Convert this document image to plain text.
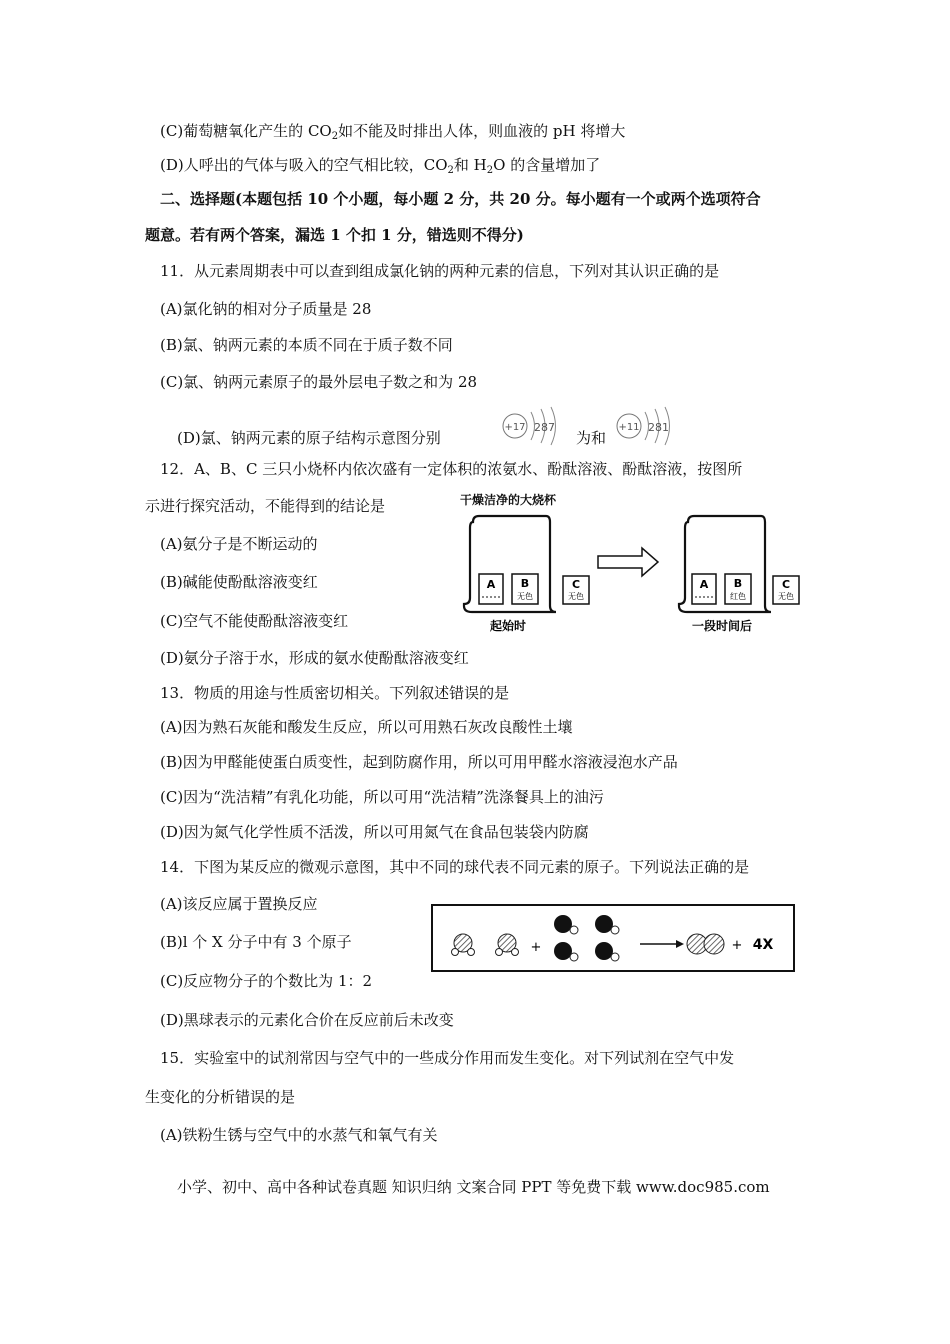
(C)葡萄糖氧化产生的 $CO_2$如不能及时排出人体，则血液的 pH 将增大
(D)人呼出的气体与吸入的空气相比较，$CO_2$和 $H_2O$ 的含量增加了
二、选择题(本题包括 10 个小题，每小题 2 分，共 20 分。每小题有一个或两个选项符合
题意。若有两个答案，漏选 1 个扣 1 分，错选则不得分)
11．从元素周期表中可以查到组成氯化钠的两种元素的信息，下列对其认识正确的是
(A)氯化钠的相对分子质量是 28
(B)氯、钠两元素的本质不同在于质子数不同
(C)氯、钠两元素原子的最外层电子数之和为 28
(D)氯、钠两元素的原子结构示意图分别	为和
+17 287	+11 281
12．A、B、C 三只小烧杯内依次盛有一定体积的浓氨水、酚酞溶液、酚酞溶液，按图所
示进行探究活动，不能得到的结论是
(A)氨分子是不断运动的
(B)碱能使酚酞溶液变红
(C)空气不能使酚酞溶液变红
(D)氨分子溶于水，形成的氨水使酚酞溶液变红
干燥洁净的大烧杯
A B
无色
C
无色
起始时
A B
红色
C
无色
一段时间后
13．物质的用途与性质密切相关。下列叙述错误的是
(A)因为熟石灰能和酸发生反应，所以可用熟石灰改良酸性土壤
(B)因为甲醛能使蛋白质变性，起到防腐作用，所以可用甲醛水溶液浸泡水产品
(C)因为“洗洁精”有乳化功能，所以可用“洗洁精”洗涤餐具上的油污
(D)因为氮气化学性质不活泼，所以可用氮气在食品包装袋内防腐
14．下图为某反应的微观示意图，其中不同的球代表不同元素的原子。下列说法正确的是
(A)该反应属于置换反应
(B)l 个 X 分子中有 3 个原子
(C)反应物分子的个数比为 1：2
(D)黑球表示的元素化合价在反应前后未改变
+	+ 4X
15．实验室中的试剂常因与空气中的一些成分作用而发生变化。对下列试剂在空气中发
生变化的分析错误的是
(A)铁粉生锈与空气中的水蒸气和氧气有关
小学、初中、高中各种试卷真题 知识归纳 文案合同 PPT 等免费下载 www.doc985.com
